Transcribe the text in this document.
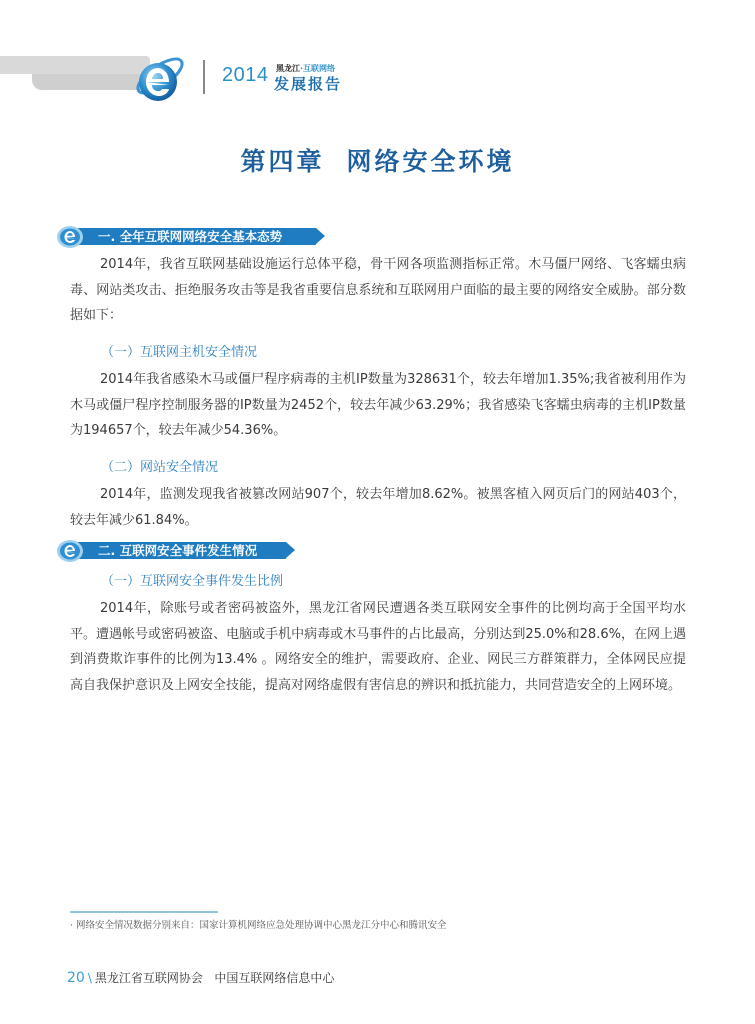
2014 黑龙江·互联网络
发展报告
第四章 网络安全环境
一. 全年互联网网络安全基本态势
2014年，我省互联网基础设施运行总体平稳，骨干网各项监测指标正常。木马僵尸网络、飞客蠕虫病毒、网站类攻击、拒绝服务攻击等是我省重要信息系统和互联网用户面临的最主要的网络安全威胁。部分数据如下：
（一）互联网主机安全情况
2014年我省感染木马或僵尸程序病毒的主机IP数量为328631个，较去年增加1.35%;我省被利用作为木马或僵尸程序控制服务器的IP数量为2452个，较去年减少63.29%；我省感染飞客蠕虫病毒的主机IP数量为194657个，较去年减少54.36%。
（二）网站安全情况
2014年，监测发现我省被篡改网站907个，较去年增加8.62%。被黑客植入网页后门的网站403个，较去年减少61.84%。
二. 互联网安全事件发生情况
（一）互联网安全事件发生比例
2014年，除账号或者密码被盗外，黑龙江省网民遭遇各类互联网安全事件的比例均高于全国平均水平。遭遇帐号或密码被盗、电脑或手机中病毒或木马事件的占比最高，分别达到25.0%和28.6%，在网上遇到消费欺诈事件的比例为13.4% 。网络安全的维护，需要政府、企业、网民三方群策群力，全体网民应提高自我保护意识及上网安全技能，提高对网络虚假有害信息的辨识和抵抗能力，共同营造安全的上网环境。
· 网络安全情况数据分别来自：国家计算机网络应急处理协调中心黑龙江分中心和腾讯安全
20 \ 黑龙江省互联网协会 中国互联网络信息中心
